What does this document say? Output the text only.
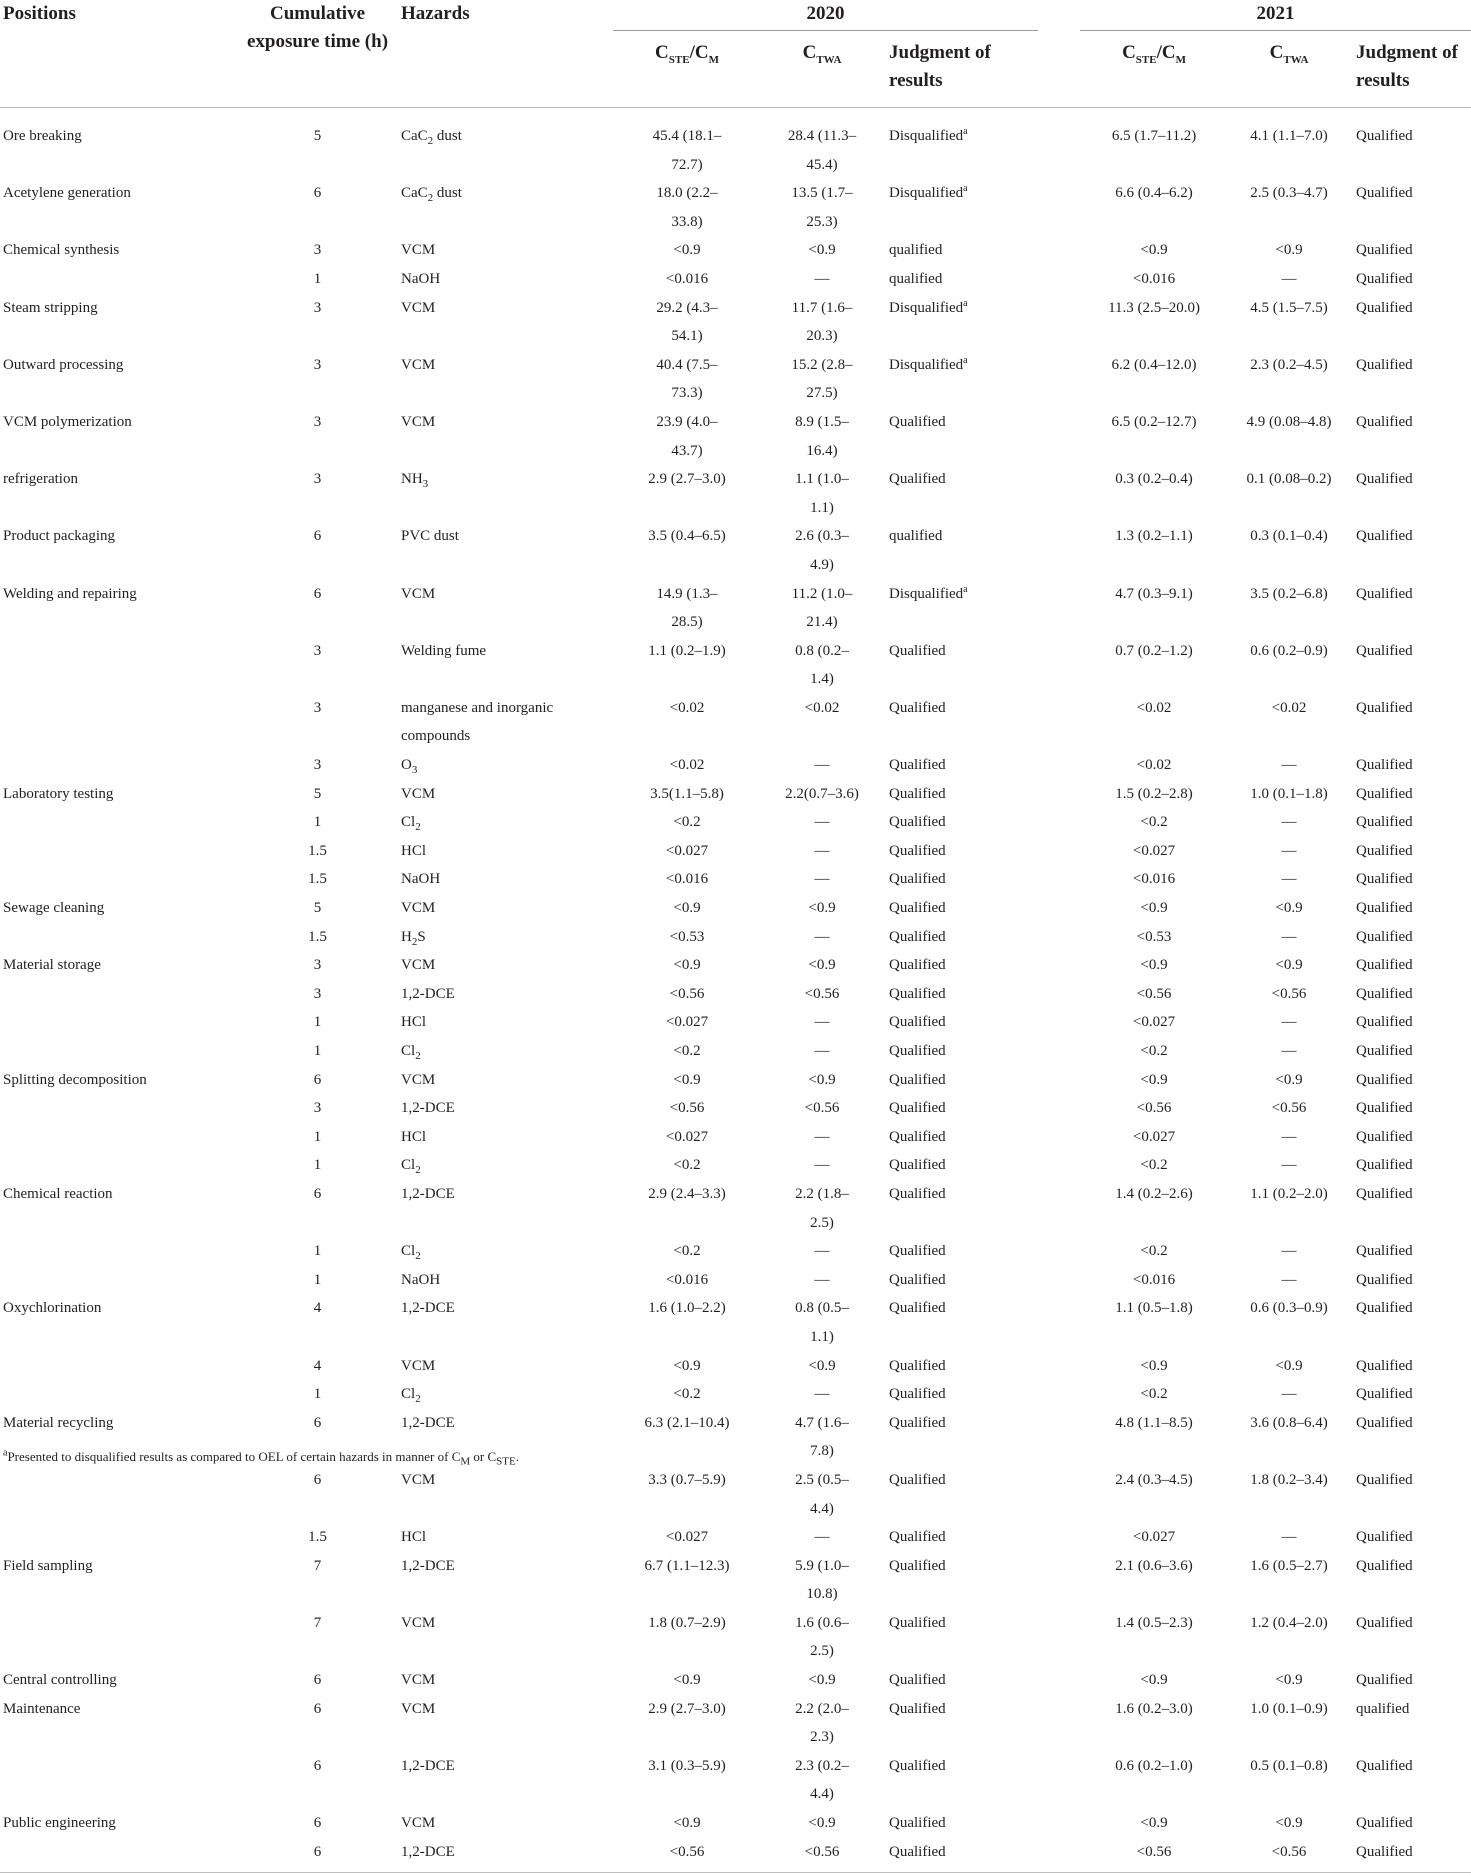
Positions	Cumulative exposure time (h)	Hazards	2020				2021		
			$C_{STE}/C_M$	$C_{TWA}$	Judgment of results		$C_{STE}/C_M$	$C_{TWA}$	Judgment of results
Ore breaking	5	CaC$_2$ dust	45.4 (18.1–72.7)	28.4 (11.3–45.4)	Disqualified$^a$		6.5 (1.7–11.2)	4.1 (1.1–7.0)	Qualified
Acetylene generation	6	CaC$_2$ dust	18.0 (2.2–33.8)	13.5 (1.7–25.3)	Disqualified$^a$		6.6 (0.4–6.2)	2.5 (0.3–4.7)	Qualified
Chemical synthesis	3	VCM	<0.9	<0.9	qualified		<0.9	<0.9	Qualified
	1	NaOH	<0.016	—	qualified		<0.016	—	Qualified
Steam stripping	3	VCM	29.2 (4.3–54.1)	11.7 (1.6–20.3)	Disqualified$^a$		11.3 (2.5–20.0)	4.5 (1.5–7.5)	Qualified
Outward processing	3	VCM	40.4 (7.5–73.3)	15.2 (2.8–27.5)	Disqualified$^a$		6.2 (0.4–12.0)	2.3 (0.2–4.5)	Qualified
VCM polymerization	3	VCM	23.9 (4.0–43.7)	8.9 (1.5–16.4)	Qualified		6.5 (0.2–12.7)	4.9 (0.08–4.8)	Qualified
refrigeration	3	$NH_3$	2.9 (2.7–3.0)	1.1 (1.0–1.1)	Qualified		0.3 (0.2–0.4)	0.1 (0.08–0.2)	Qualified
Product packaging	6	PVC dust	3.5 (0.4–6.5)	2.6 (0.3–4.9)	qualified		1.3 (0.2–1.1)	0.3 (0.1–0.4)	Qualified
Welding and repairing	6	VCM	14.9 (1.3–28.5)	11.2 (1.0–21.4)	Disqualified$^a$		4.7 (0.3–9.1)	3.5 (0.2–6.8)	Qualified
	3	Welding fume	1.1 (0.2–1.9)	0.8 (0.2–1.4)	Qualified		0.7 (0.2–1.2)	0.6 (0.2–0.9)	Qualified
	3	manganese and inorganic compounds	<0.02	<0.02	Qualified		<0.02	<0.02	Qualified
	3	$O_3$	<0.02	—	Qualified		<0.02	—	Qualified
Laboratory testing	5	VCM	3.5(1.1–5.8)	2.2(0.7–3.6)	Qualified		1.5 (0.2–2.8)	1.0 (0.1–1.8)	Qualified
	1	$Cl_2$	<0.2	—	Qualified		<0.2	—	Qualified
	1.5	HCl	<0.027	—	Qualified		<0.027	—	Qualified
	1.5	NaOH	<0.016	—	Qualified		<0.016	—	Qualified
Sewage cleaning	5	VCM	<0.9	<0.9	Qualified		<0.9	<0.9	Qualified
	1.5	$H_2S$	<0.53	—	Qualified		<0.53	—	Qualified
Material storage	3	VCM	<0.9	<0.9	Qualified		<0.9	<0.9	Qualified
	3	1,2-DCE	<0.56	<0.56	Qualified		<0.56	<0.56	Qualified
	1	HCl	<0.027	—	Qualified		<0.027	—	Qualified
	1	$Cl_2$	<0.2	—	Qualified		<0.2	—	Qualified
Splitting decomposition	6	VCM	<0.9	<0.9	Qualified		<0.9	<0.9	Qualified
	3	1,2-DCE	<0.56	<0.56	Qualified		<0.56	<0.56	Qualified
	1	HCl	<0.027	—	Qualified		<0.027	—	Qualified
	1	$Cl_2$	<0.2	—	Qualified		<0.2	—	Qualified
Chemical reaction	6	1,2-DCE	2.9 (2.4–3.3)	2.2 (1.8–2.5)	Qualified		1.4 (0.2–2.6)	1.1 (0.2–2.0)	Qualified
	1	$Cl_2$	<0.2	—	Qualified		<0.2	—	Qualified
	1	NaOH	<0.016	—	Qualified		<0.016	—	Qualified
Oxychlorination	4	1,2-DCE	1.6 (1.0–2.2)	0.8 (0.5–1.1)	Qualified		1.1 (0.5–1.8)	0.6 (0.3–0.9)	Qualified
	4	VCM	<0.9	<0.9	Qualified		<0.9	<0.9	Qualified
	1	$Cl_2$	<0.2	—	Qualified		<0.2	—	Qualified
Material recycling	6	1,2-DCE	6.3 (2.1–10.4)	4.7 (1.6–7.8)	Qualified		4.8 (1.1–8.5)	3.6 (0.8–6.4)	Qualified
	6	VCM	3.3 (0.7–5.9)	2.5 (0.5–4.4)	Qualified		2.4 (0.3–4.5)	1.8 (0.2–3.4)	Qualified
	1.5	HCl	<0.027	—	Qualified		<0.027	—	Qualified
Field sampling	7	1,2-DCE	6.7 (1.1–12.3)	5.9 (1.0–10.8)	Qualified		2.1 (0.6–3.6)	1.6 (0.5–2.7)	Qualified
	7	VCM	1.8 (0.7–2.9)	1.6 (0.6–2.5)	Qualified		1.4 (0.5–2.3)	1.2 (0.4–2.0)	Qualified
Central controlling	6	VCM	<0.9	<0.9	Qualified		<0.9	<0.9	Qualified
Maintenance	6	VCM	2.9 (2.7–3.0)	2.2 (2.0–2.3)	Qualified		1.6 (0.2–3.0)	1.0 (0.1–0.9)	qualified
	6	1,2-DCE	3.1 (0.3–5.9)	2.3 (0.2–4.4)	Qualified		0.6 (0.2–1.0)	0.5 (0.1–0.8)	Qualified
Public engineering	6	VCM	<0.9	<0.9	Qualified		<0.9	<0.9	Qualified
	6	1,2-DCE	<0.56	<0.56	Qualified		<0.56	<0.56	Qualified
$^a$Presented to disqualified results as compared to OEL of certain hazards in manner of $C_M$ or $C_{STE}$.
